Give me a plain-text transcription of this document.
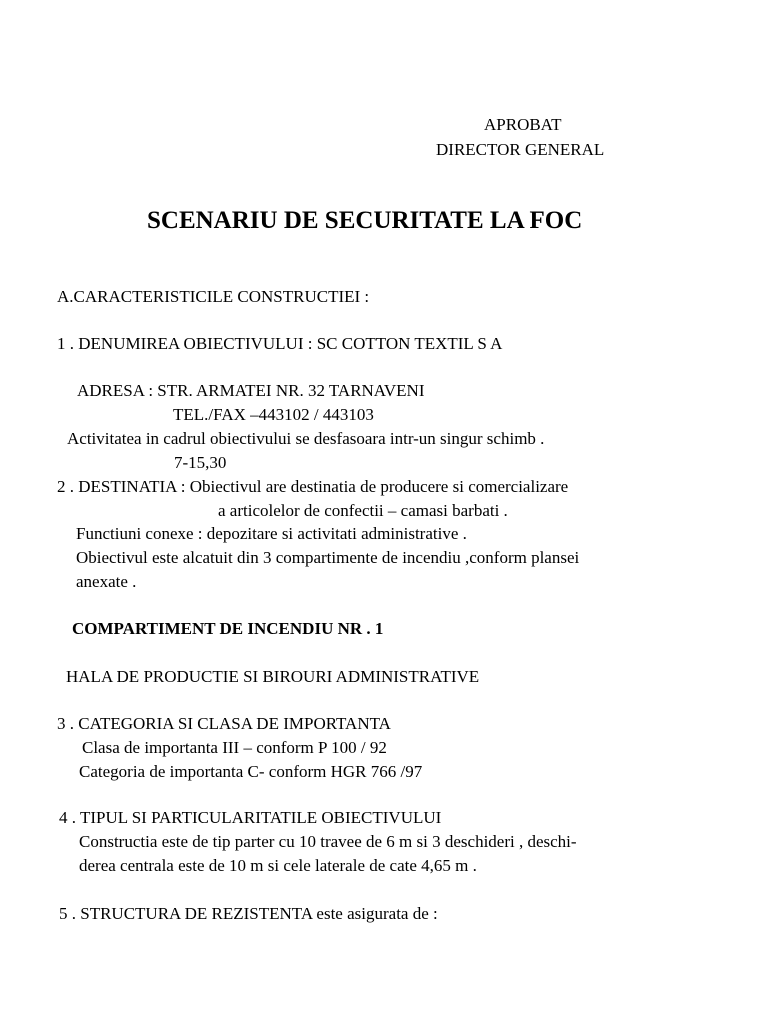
APROBAT
DIRECTOR GENERAL
SCENARIU DE SECURITATE LA FOC
A.CARACTERISTICILE CONSTRUCTIEI :
1 . DENUMIREA OBIECTIVULUI : SC COTTON TEXTIL S A
ADRESA : STR. ARMATEI NR. 32 TARNAVENI
TEL./FAX –443102 / 443103
Activitatea in cadrul obiectivului se desfasoara intr-un singur schimb .
7-15,30
2 . DESTINATIA : Obiectivul are destinatia de producere si comercializare
a articolelor de confectii – camasi barbati .
Functiuni conexe : depozitare si activitati administrative .
Obiectivul este alcatuit din 3 compartimente de incendiu ,conform plansei
anexate .
COMPARTIMENT DE INCENDIU NR . 1
HALA DE PRODUCTIE SI BIROURI ADMINISTRATIVE
3 . CATEGORIA SI CLASA DE IMPORTANTA
Clasa de importanta III – conform P 100 / 92
Categoria de importanta C- conform HGR 766 /97
4 . TIPUL SI PARTICULARITATILE OBIECTIVULUI
Constructia este de tip parter cu 10 travee de 6 m si 3 deschideri , deschi-
derea centrala este de 10 m si cele laterale de cate 4,65 m .
5 . STRUCTURA DE REZISTENTA este asigurata de :
